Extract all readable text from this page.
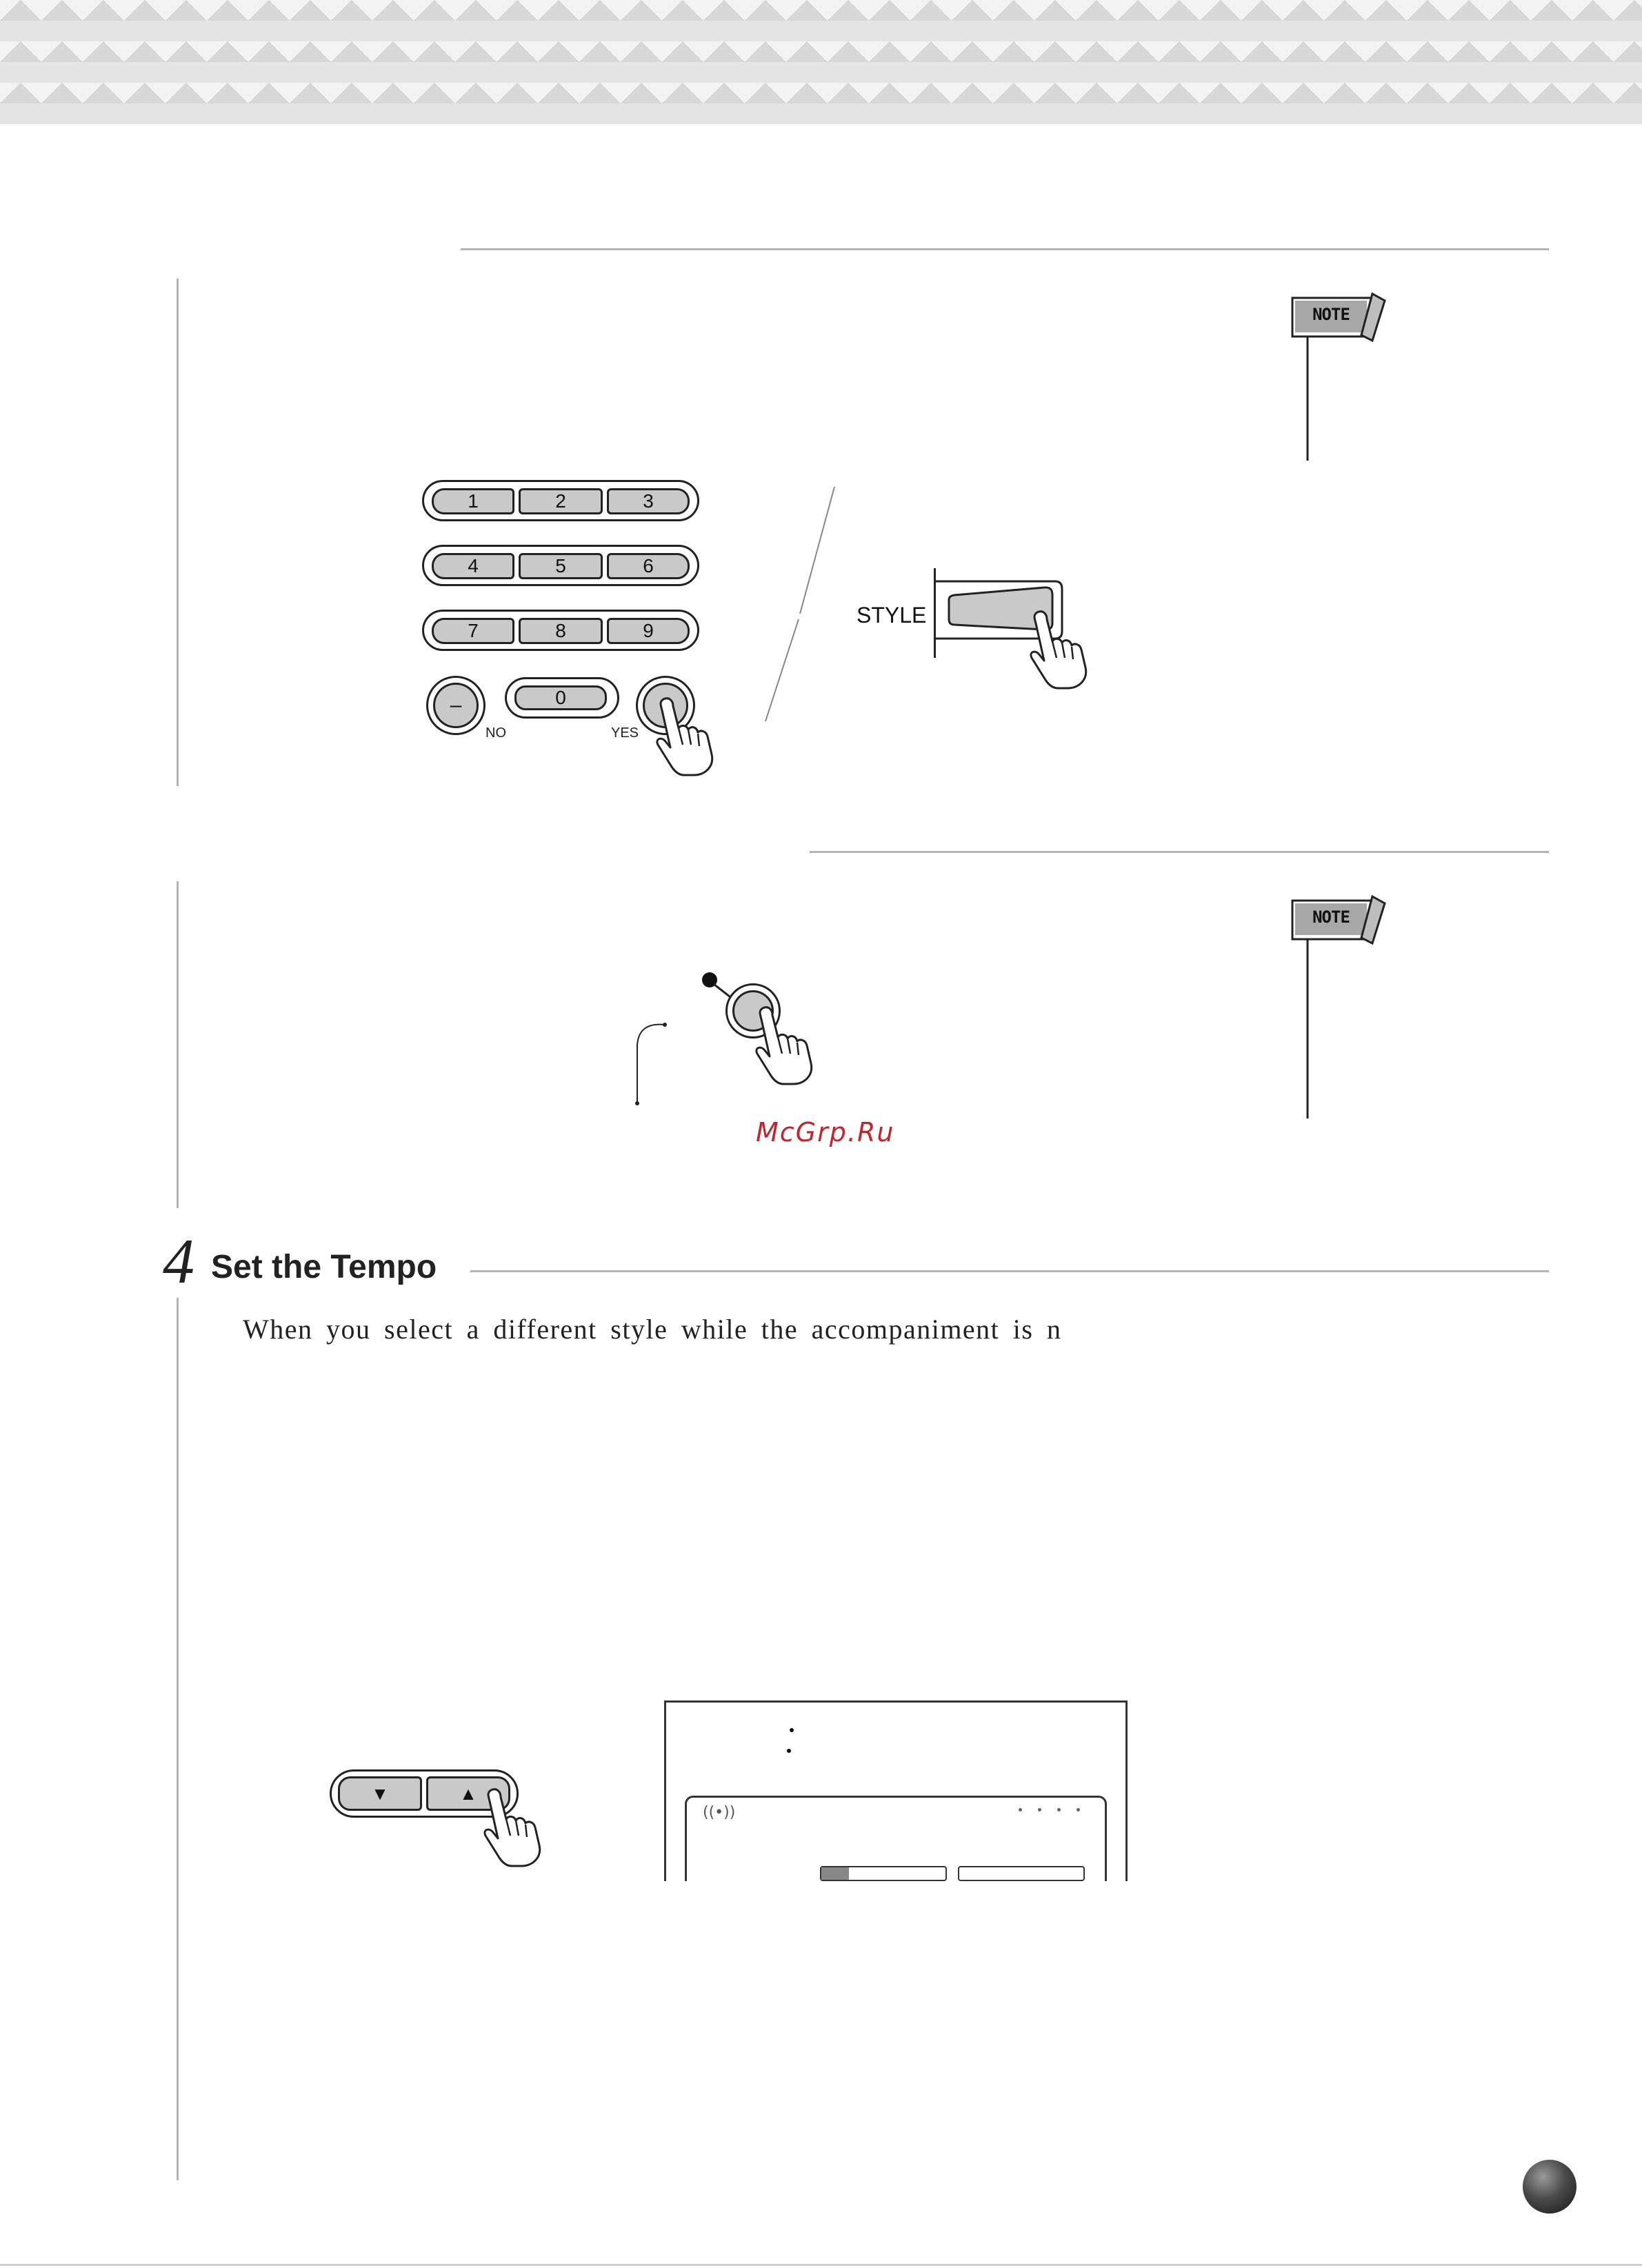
NOTE
NOTE
1	2	3
4	5	6
7	8	9
–
NO
0
YES
STYLE
McGrp.Ru
4 Set the Tempo
When you select a different style while the accompaniment is n
▼	▲
((•))
